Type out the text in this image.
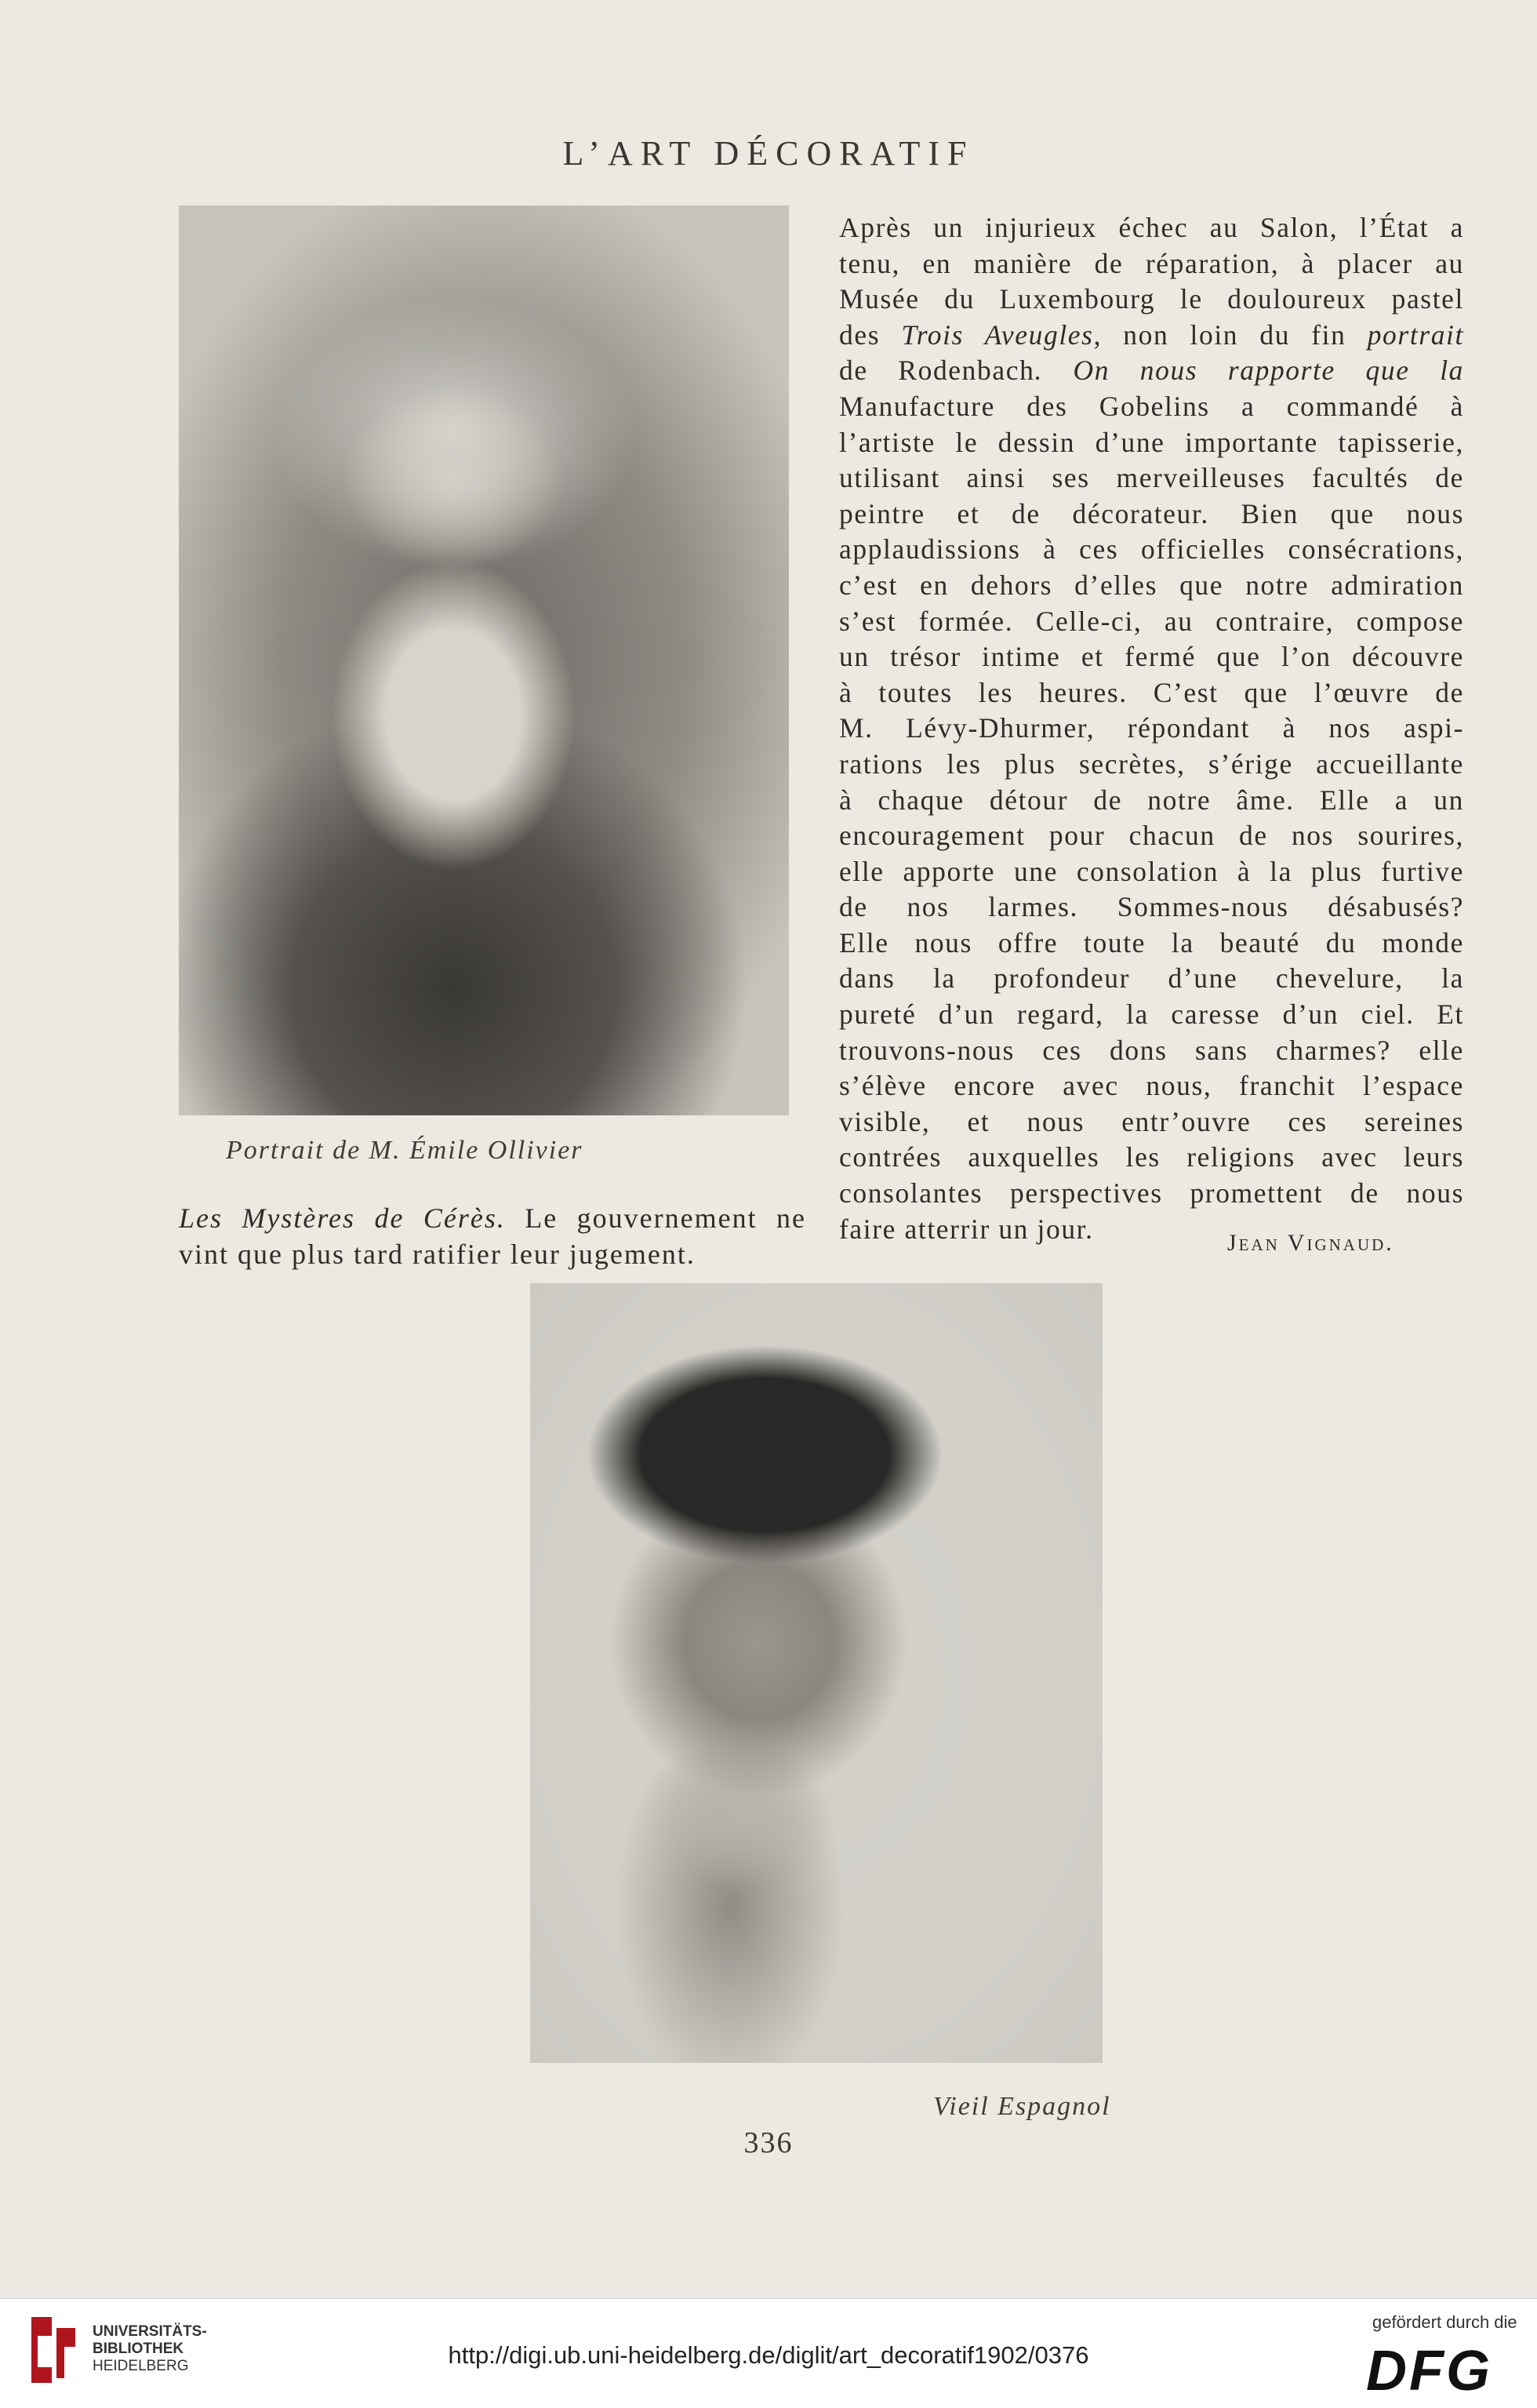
L’ART DÉCORATIF
Portrait de M. Émile Ollivier
Les Mystères de Cérès. Le gouvernement ne
vint que plus tard ratifier leur jugement.
Après un injurieux échec au Salon, l’État a
tenu, en manière de réparation, à placer au
Musée du Luxembourg le douloureux pastel
des Trois Aveugles, non loin du fin portrait
de Rodenbach. On nous rapporte que la
Manufacture des Gobelins a commandé à
l’artiste le dessin d’une importante tapisserie,
utilisant ainsi ses merveilleuses facultés de
peintre et de décorateur. Bien que nous
applaudissions à ces officielles consécrations,
c’est en dehors d’elles que notre admiration
s’est formée. Celle-ci, au contraire, compose
un trésor intime et fermé que l’on découvre
à toutes les heures. C’est que l’œuvre de
M. Lévy-Dhurmer, répondant à nos aspi-
rations les plus secrètes, s’érige accueillante
à chaque détour de notre âme. Elle a un
encouragement pour chacun de nos sourires,
elle apporte une consolation à la plus furtive
de nos larmes. Sommes-nous désabusés?
Elle nous offre toute la beauté du monde
dans la profondeur d’une chevelure, la
pureté d’un regard, la caresse d’un ciel. Et
trouvons-nous ces dons sans charmes? elle
s’élève encore avec nous, franchit l’espace
visible, et nous entr’ouvre ces sereines
contrées auxquelles les religions avec leurs
consolantes perspectives promettent de nous
faire atterrir un jour.	Jean Vignaud.
Vieil Espagnol
336
UNIVERSITÄTS-
BIBLIOTHEK
HEIDELBERG	http://digi.ub.uni-heidelberg.de/diglit/art_decoratif1902/0376
gefördert durch die
DFG
